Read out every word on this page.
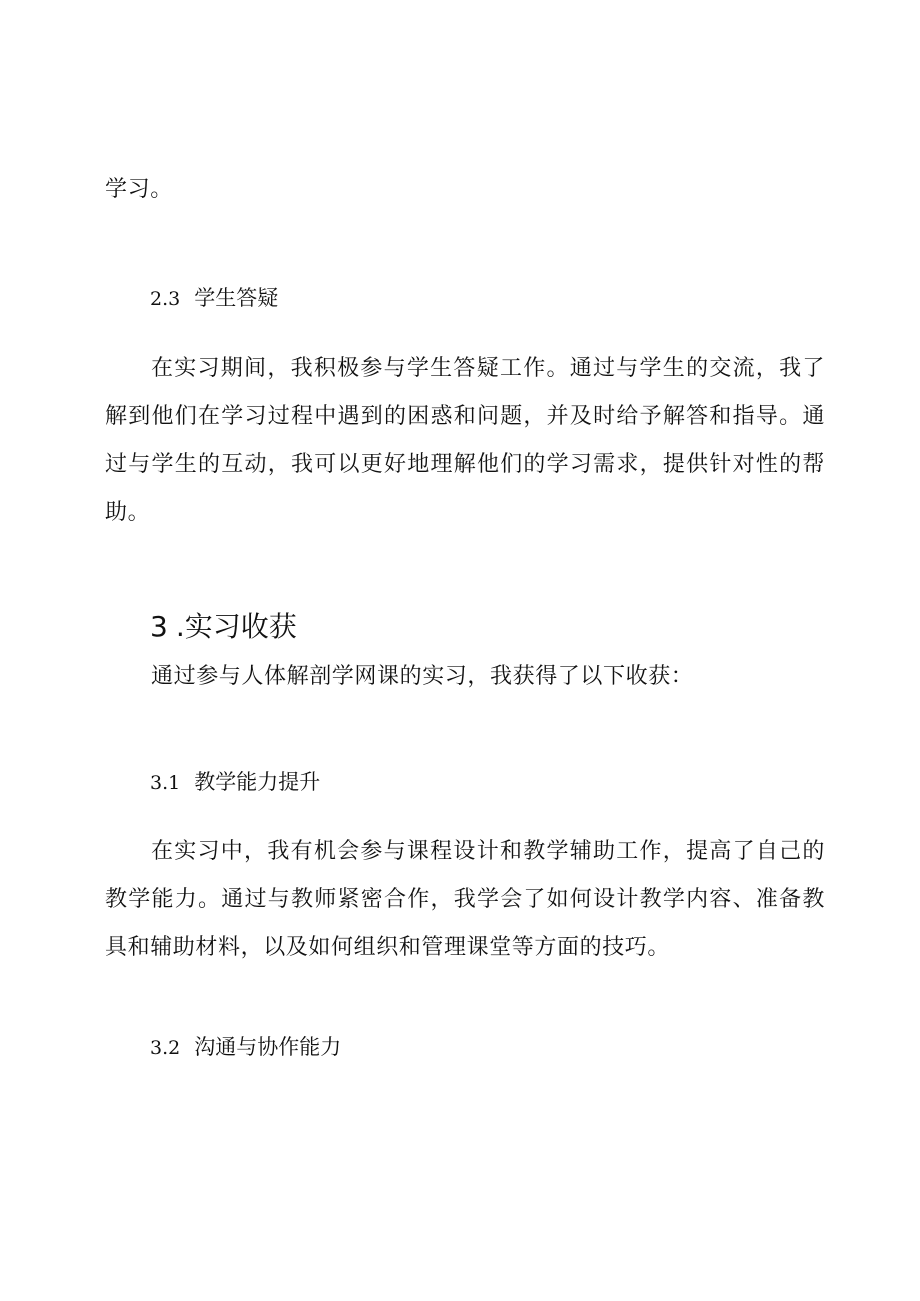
学习。

2.3 学生答疑

在实习期间，我积极参与学生答疑工作。通过与学生的交流，我了解到他们在学习过程中遇到的困惑和问题，并及时给予解答和指导。通过与学生的互动，我可以更好地理解他们的学习需求，提供针对性的帮助。

3 .实习收获

通过参与人体解剖学网课的实习，我获得了以下收获：

3.1 教学能力提升

在实习中，我有机会参与课程设计和教学辅助工作，提高了自己的教学能力。通过与教师紧密合作，我学会了如何设计教学内容、准备教具和辅助材料，以及如何组织和管理课堂等方面的技巧。

3.2 沟通与协作能力
